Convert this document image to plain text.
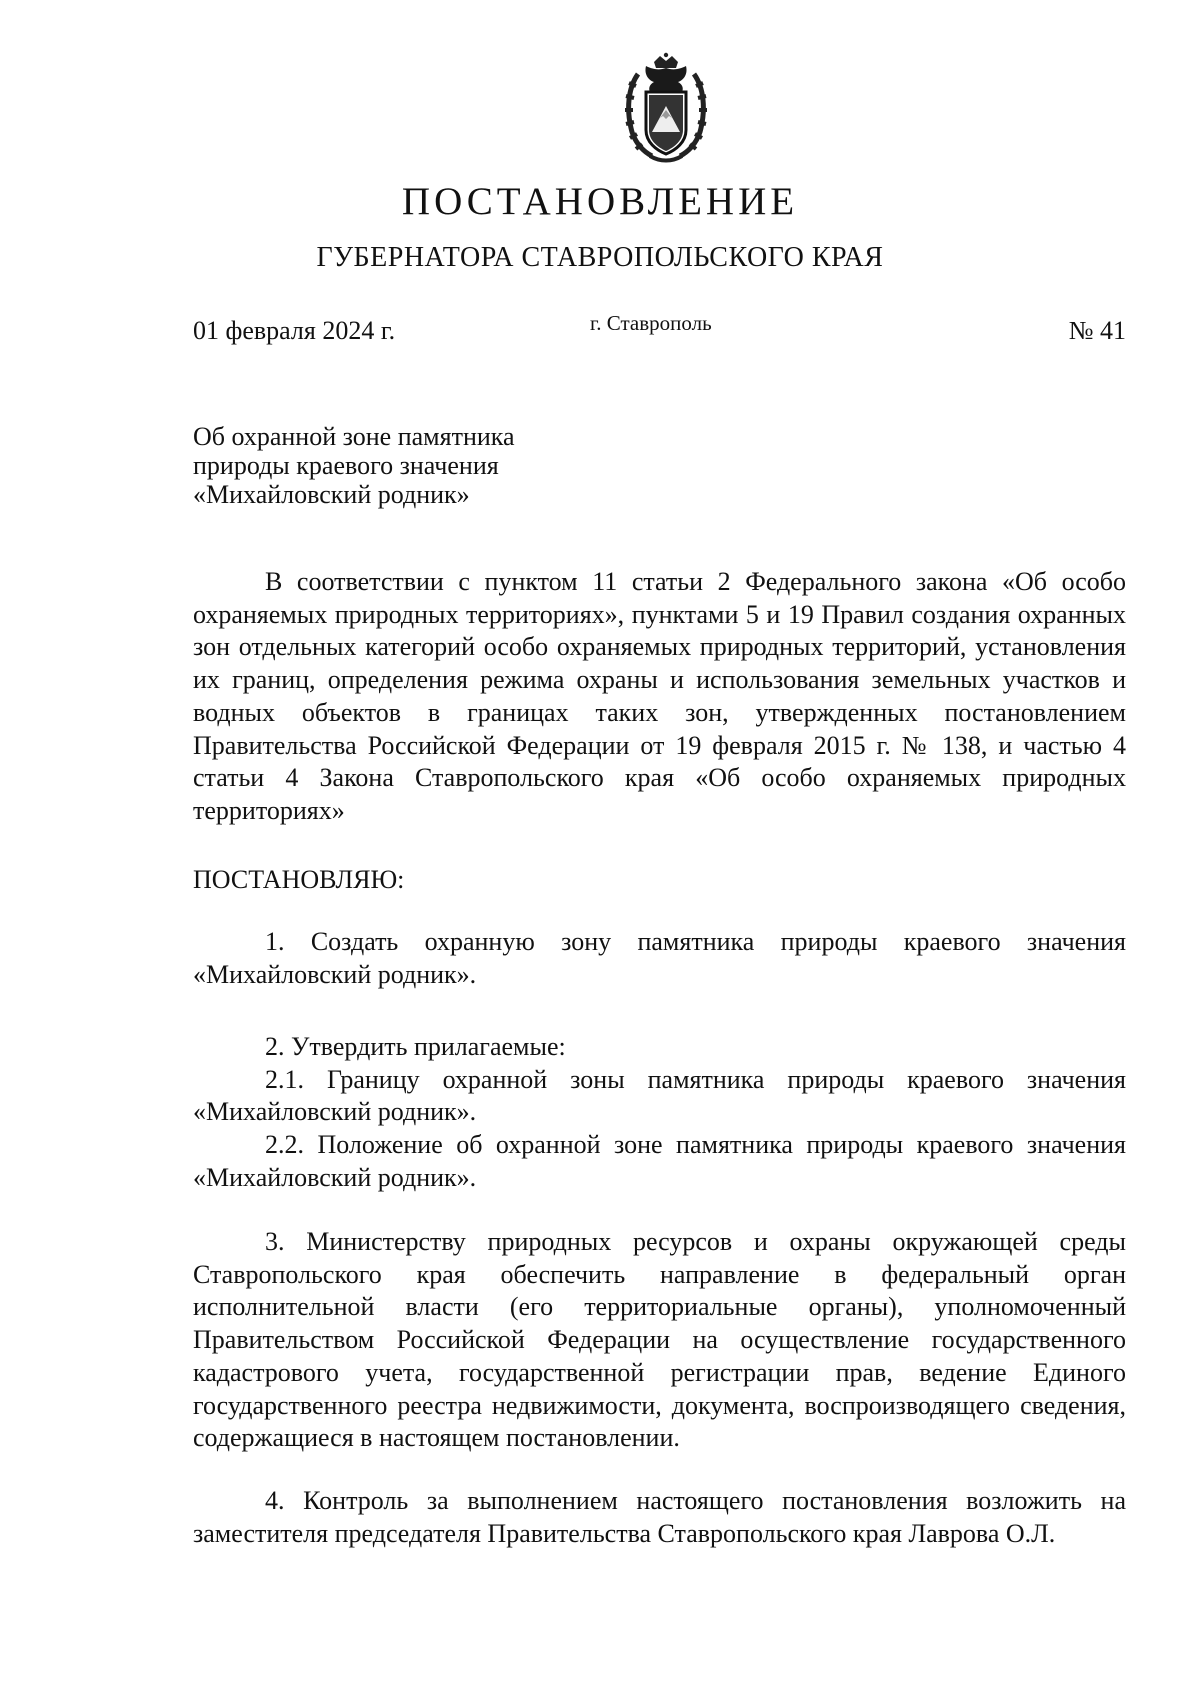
ПОСТАНОВЛЕНИЕ
ГУБЕРНАТОРА СТАВРОПОЛЬСКОГО КРАЯ
01 февраля 2024 г.	г. Ставрополь	№ 41
Об охранной зоне памятника
природы краевого значения
«Михайловский родник»

В соответствии с пунктом 11 статьи 2 Федерального закона «Об особо охраняемых природных территориях», пунктами 5 и 19 Правил создания охранных зон отдельных категорий особо охраняемых природных территорий, установления их границ, определения режима охраны и использования земельных участков и водных объектов в границах таких зон, утвержденных постановлением Правительства Российской Федерации от 19 февраля 2015 г. № 138, и частью 4 статьи 4 Закона Ставропольского края «Об особо охраняемых природных территориях»

ПОСТАНОВЛЯЮ:

1. Создать охранную зону памятника природы краевого значения «Михайловский родник».

2. Утвердить прилагаемые:

2.1. Границу охранной зоны памятника природы краевого значения «Михайловский родник».

2.2. Положение об охранной зоне памятника природы краевого значения «Михайловский родник».

3. Министерству природных ресурсов и охраны окружающей среды Ставропольского края обеспечить направление в федеральный орган исполнительной власти (его территориальные органы), уполномоченный Правительством Российской Федерации на осуществление государственного кадастрового учета, государственной регистрации прав, ведение Единого государственного реестра недвижимости, документа, воспроизводящего сведения, содержащиеся в настоящем постановлении.

4. Контроль за выполнением настоящего постановления возложить на заместителя председателя Правительства Ставропольского края Лаврова О.Л.
